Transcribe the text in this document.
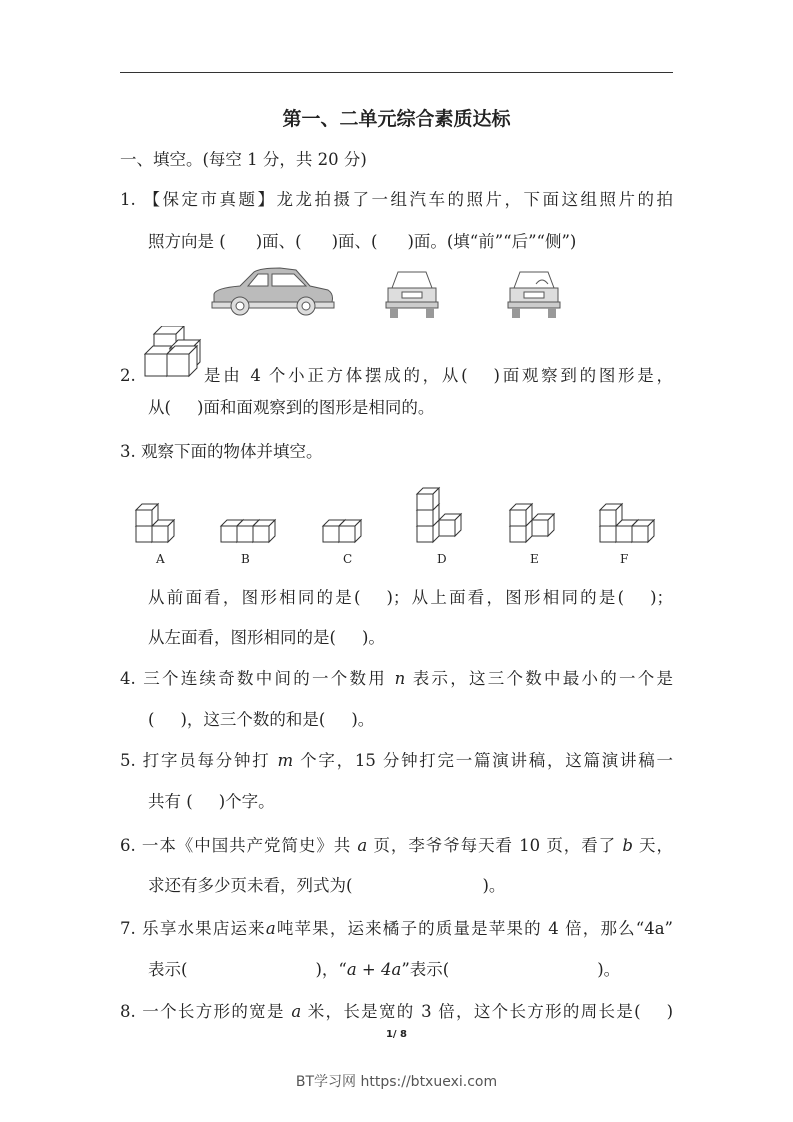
第一、二单元综合素质达标
一、填空。(每空 1 分，共 20 分)
1. 【保定市真题】龙龙拍摄了一组汽车的照片，下面这组照片的拍
照方向是 ( )面、( )面、( )面。(填“前”“后”“侧”)
2.	是由 4 个小正方体摆成的，从( )面观察到的图形是，
从( )面和面观察到的图形是相同的。
3. 观察下面的物体并填空。
A	B	C	D	E	F
从前面看，图形相同的是( )；从上面看，图形相同的是( )；
从左面看，图形相同的是( )。
4. 三个连续奇数中间的一个数用 n 表示，这三个数中最小的一个是
( )，这三个数的和是( )。
5. 打字员每分钟打 m 个字，15 分钟打完一篇演讲稿，这篇演讲稿一
共有 ( )个字。
6. 一本《中国共产党简史》共 a 页，李爷爷每天看 10 页，看了 b 天，
求还有多少页未看，列式为(	)。
7. 乐享水果店运来a吨苹果，运来橘子的质量是苹果的 4 倍，那么“4a”
表示(	)，“a + 4a”表示(	)。
8. 一个长方形的宽是 a 米，长是宽的 3 倍，这个长方形的周长是( )
1/ 8
BT学习网 https://btxuexi.com
